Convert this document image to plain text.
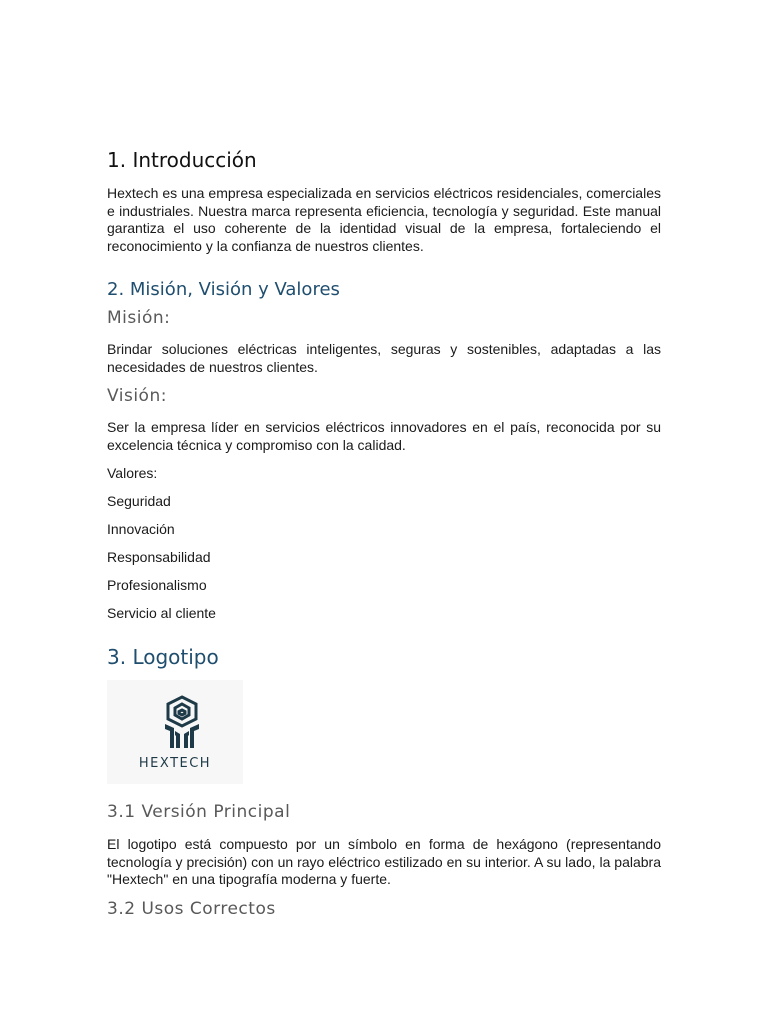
1. Introducción

Hextech es una empresa especializada en servicios eléctricos residenciales, comerciales e industriales. Nuestra marca representa eficiencia, tecnología y seguridad. Este manual garantiza el uso coherente de la identidad visual de la empresa, fortaleciendo el reconocimiento y la confianza de nuestros clientes.

2. Misión, Visión y Valores
Misión:

Brindar soluciones eléctricas inteligentes, seguras y sostenibles, adaptadas a las necesidades de nuestros clientes.

Visión:

Ser la empresa líder en servicios eléctricos innovadores en el país, reconocida por su excelencia técnica y compromiso con la calidad.

Valores:

Seguridad

Innovación

Responsabilidad

Profesionalismo

Servicio al cliente

3. Logotipo
HEXTECH
3.1 Versión Principal

El logotipo está compuesto por un símbolo en forma de hexágono (representando tecnología y precisión) con un rayo eléctrico estilizado en su interior. A su lado, la palabra "Hextech" en una tipografía moderna y fuerte.

3.2 Usos Correctos
